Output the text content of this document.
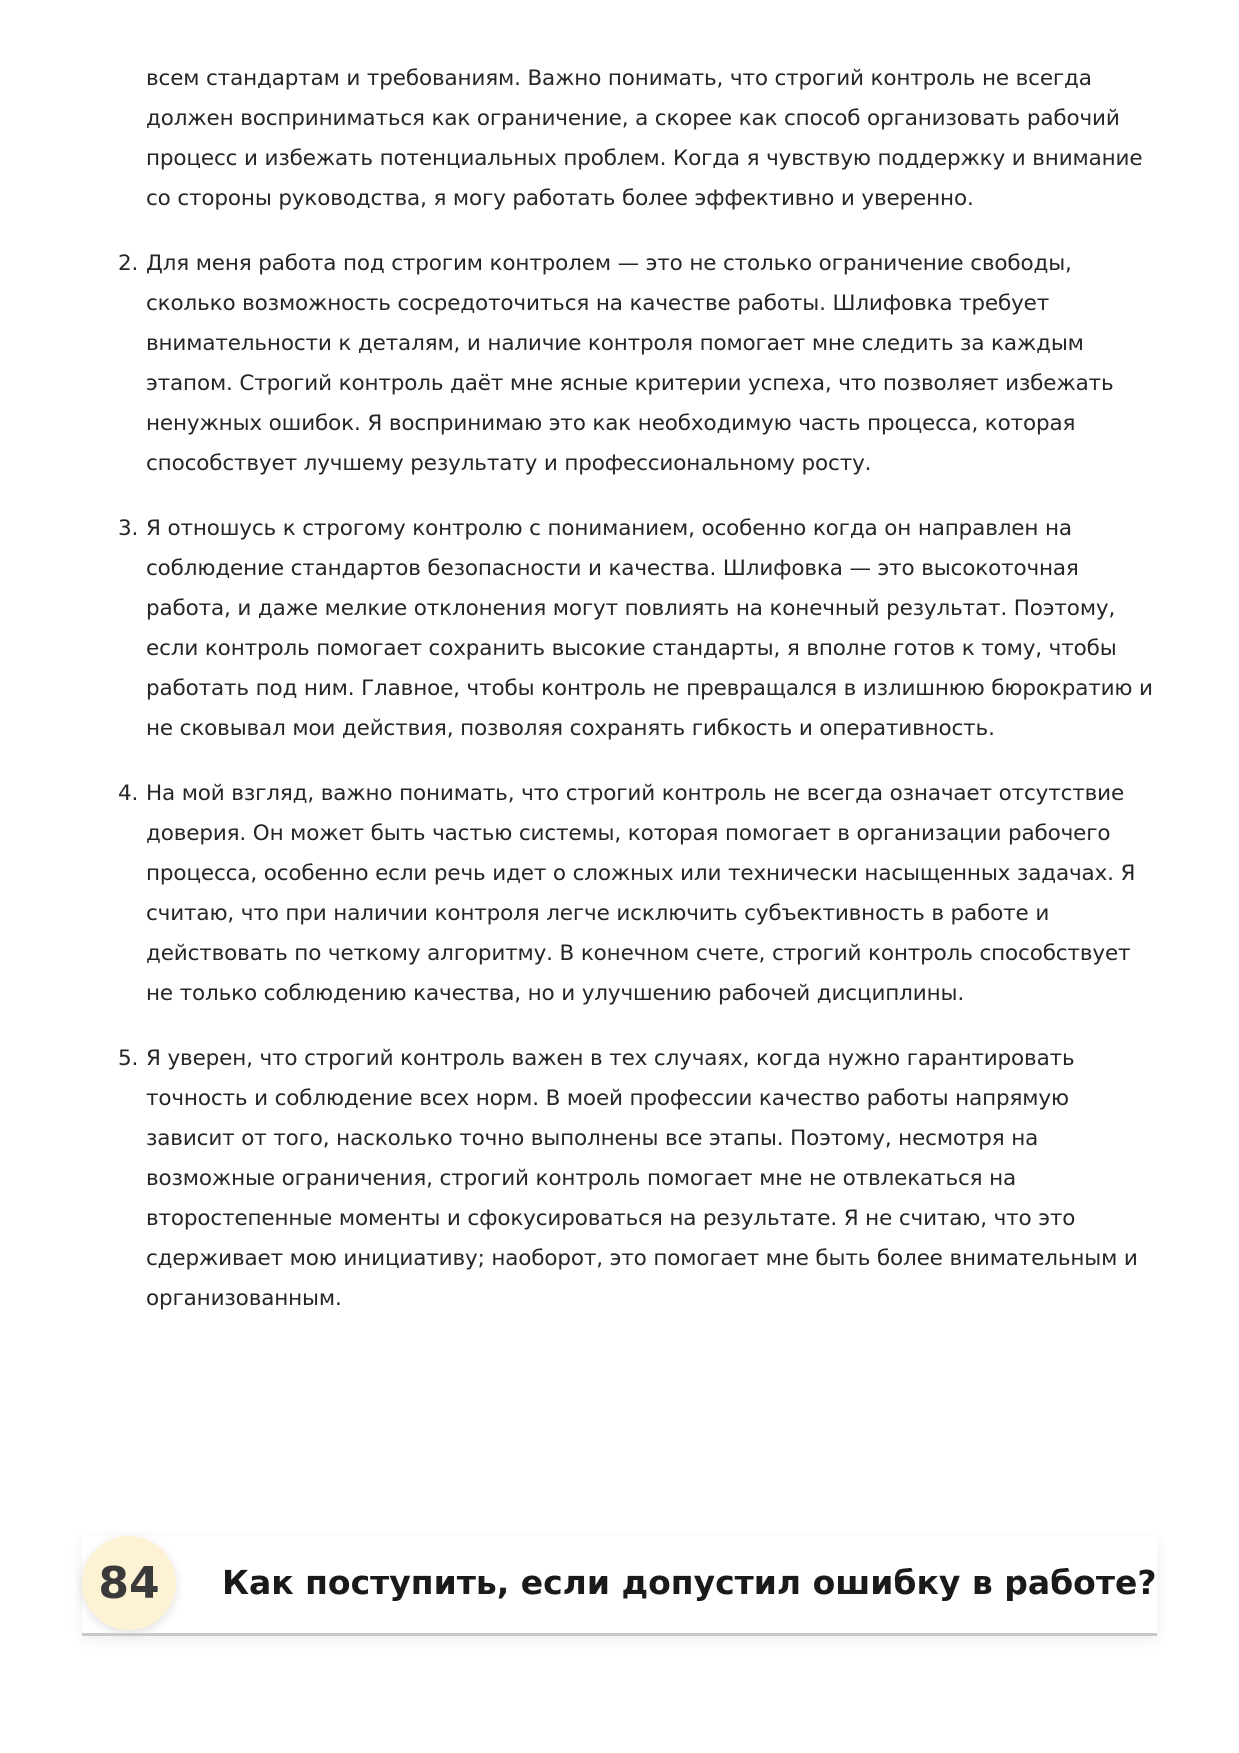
всем стандартам и требованиям. Важно понимать, что строгий контроль не всегда должен восприниматься как ограничение, а скорее как способ организовать рабочий процесс и избежать потенциальных проблем. Когда я чувствую поддержку и внимание со стороны руководства, я могу работать более эффективно и уверенно.

2. Для меня работа под строгим контролем — это не столько ограничение свободы, сколько возможность сосредоточиться на качестве работы. Шлифовка требует внимательности к деталям, и наличие контроля помогает мне следить за каждым этапом. Строгий контроль даёт мне ясные критерии успеха, что позволяет избежать ненужных ошибок. Я воспринимаю это как необходимую часть процесса, которая способствует лучшему результату и профессиональному росту.
3. Я отношусь к строгому контролю с пониманием, особенно когда он направлен на соблюдение стандартов безопасности и качества. Шлифовка — это высокоточная работа, и даже мелкие отклонения могут повлиять на конечный результат. Поэтому, если контроль помогает сохранить высокие стандарты, я вполне готов к тому, чтобы работать под ним. Главное, чтобы контроль не превращался в излишнюю бюрократию и не сковывал мои действия, позволяя сохранять гибкость и оперативность.
4. На мой взгляд, важно понимать, что строгий контроль не всегда означает отсутствие доверия. Он может быть частью системы, которая помогает в организации рабочего процесса, особенно если речь идет о сложных или технически насыщенных задачах. Я считаю, что при наличии контроля легче исключить субъективность в работе и действовать по четкому алгоритму. В конечном счете, строгий контроль способствует не только соблюдению качества, но и улучшению рабочей дисциплины.
5. Я уверен, что строгий контроль важен в тех случаях, когда нужно гарантировать точность и соблюдение всех норм. В моей профессии качество работы напрямую зависит от того, насколько точно выполнены все этапы. Поэтому, несмотря на возможные ограничения, строгий контроль помогает мне не отвлекаться на второстепенные моменты и сфокусироваться на результате. Я не считаю, что это сдерживает мою инициативу; наоборот, это помогает мне быть более внимательным и организованным.
84 Как поступить, если допустил ошибку в работе?
